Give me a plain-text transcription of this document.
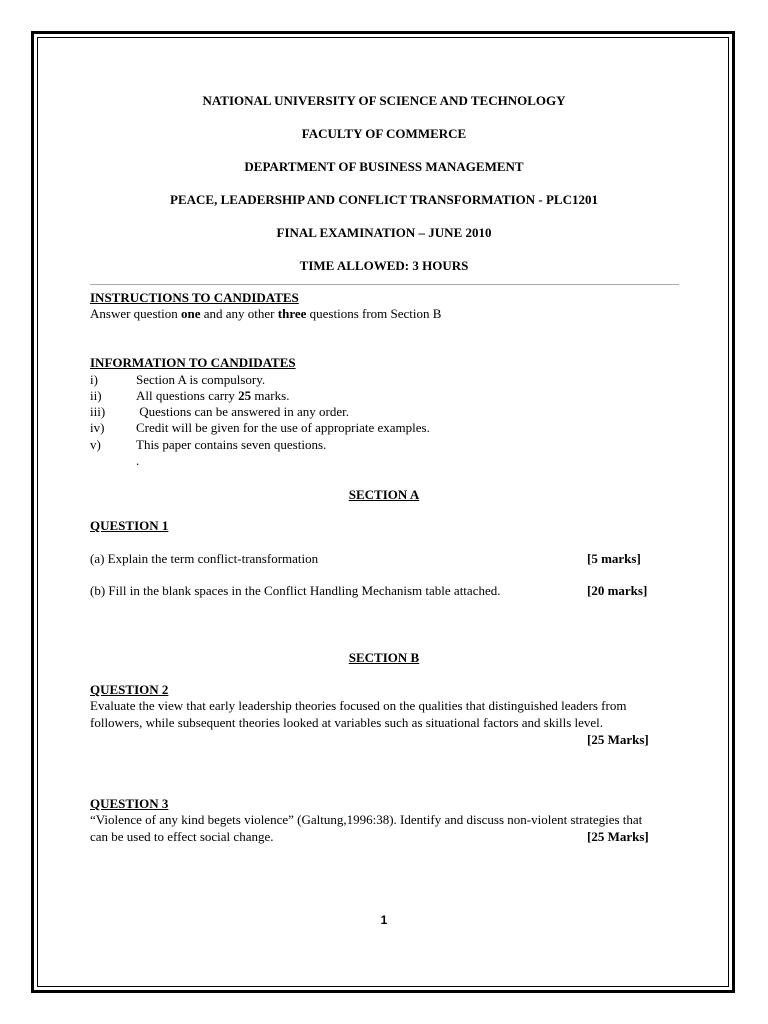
NATIONAL UNIVERSITY OF SCIENCE AND TECHNOLOGY
FACULTY OF COMMERCE
DEPARTMENT OF BUSINESS MANAGEMENT
PEACE, LEADERSHIP AND CONFLICT TRANSFORMATION - PLC1201
FINAL EXAMINATION – JUNE 2010
TIME ALLOWED: 3 HOURS
INSTRUCTIONS TO CANDIDATES
Answer question one and any other three questions from Section B
INFORMATION TO CANDIDATES
i)	Section A is compulsory.
ii)	All questions carry 25 marks.
iii) Questions can be answered in any order.
iv) Credit will be given for the use of appropriate examples.
v)	This paper contains seven questions.
.
SECTION A
QUESTION 1
(a) Explain the term conflict-transformation	[5 marks]
(b) Fill in the blank spaces in the Conflict Handling Mechanism table attached.	[20 marks]
SECTION B
QUESTION 2
Evaluate the view that early leadership theories focused on the qualities that distinguished leaders from
followers, while subsequent theories looked at variables such as situational factors and skills level.
[25 Marks]
QUESTION 3
“Violence of any kind begets violence” (Galtung,1996:38). Identify and discuss non-violent strategies that
can be used to effect social change.	[25 Marks]
1
